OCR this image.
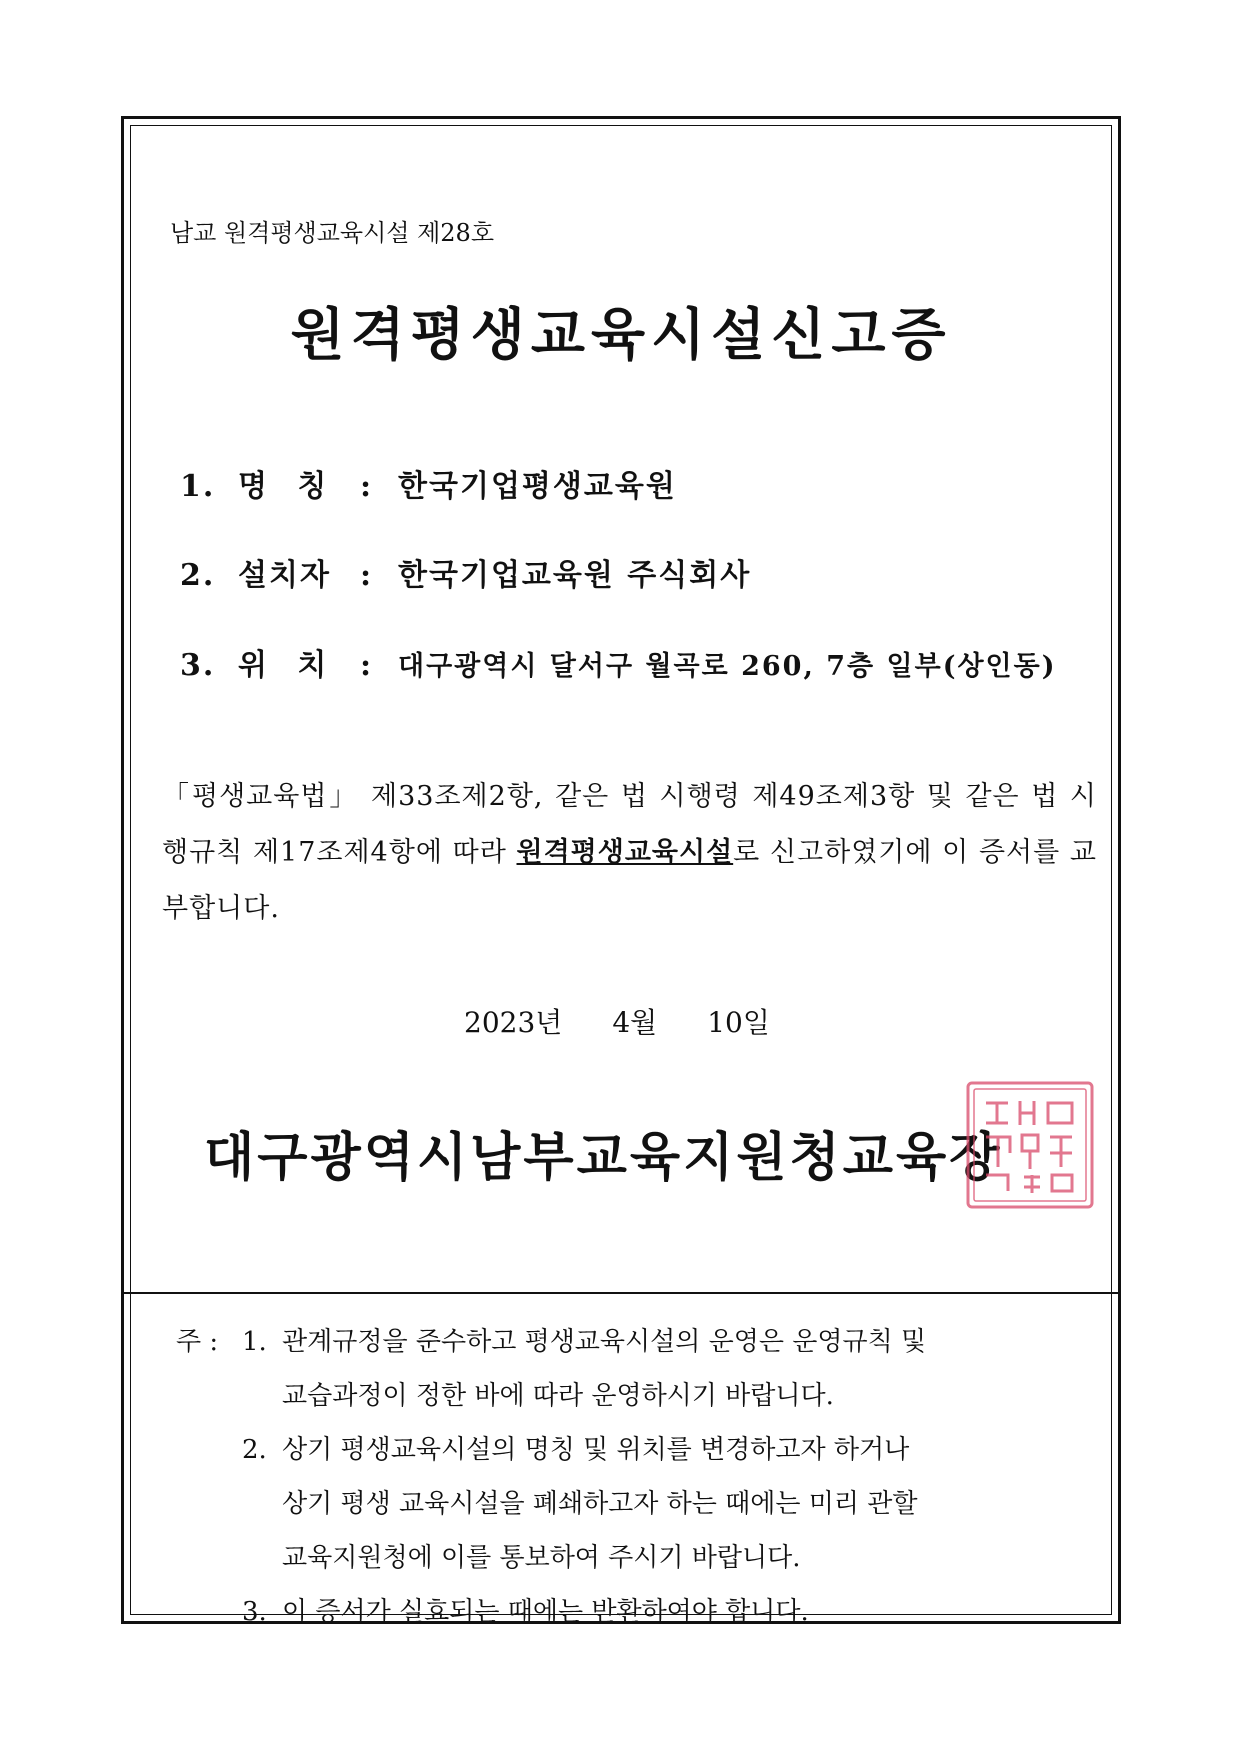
남교 원격평생교육시설 제28호
원격평생교육시설신고증
1. 명 칭 : 한국기업평생교육원
2. 설치자 : 한국기업교육원 주식회사
3. 위 치 : 대구광역시 달서구 월곡로 260, 7층 일부(상인동)
「평생교육법」 제33조제2항, 같은 법 시행령 제49조제3항 및 같은 법 시행규칙 제17조제4항에 따라 원격평생교육시설로 신고하였기에 이 증서를 교부합니다.
2023년 4월 10일
대구광역시남부교육지원청교육장
주 : 1. 관계규정을 준수하고 평생교육시설의 운영은 운영규칙 및
교습과정이 정한 바에 따라 운영하시기 바랍니다.
2. 상기 평생교육시설의 명칭 및 위치를 변경하고자 하거나
상기 평생 교육시설을 폐쇄하고자 하는 때에는 미리 관할
교육지원청에 이를 통보하여 주시기 바랍니다.
3. 이 증서가 실효되는 때에는 반환하여야 합니다.
